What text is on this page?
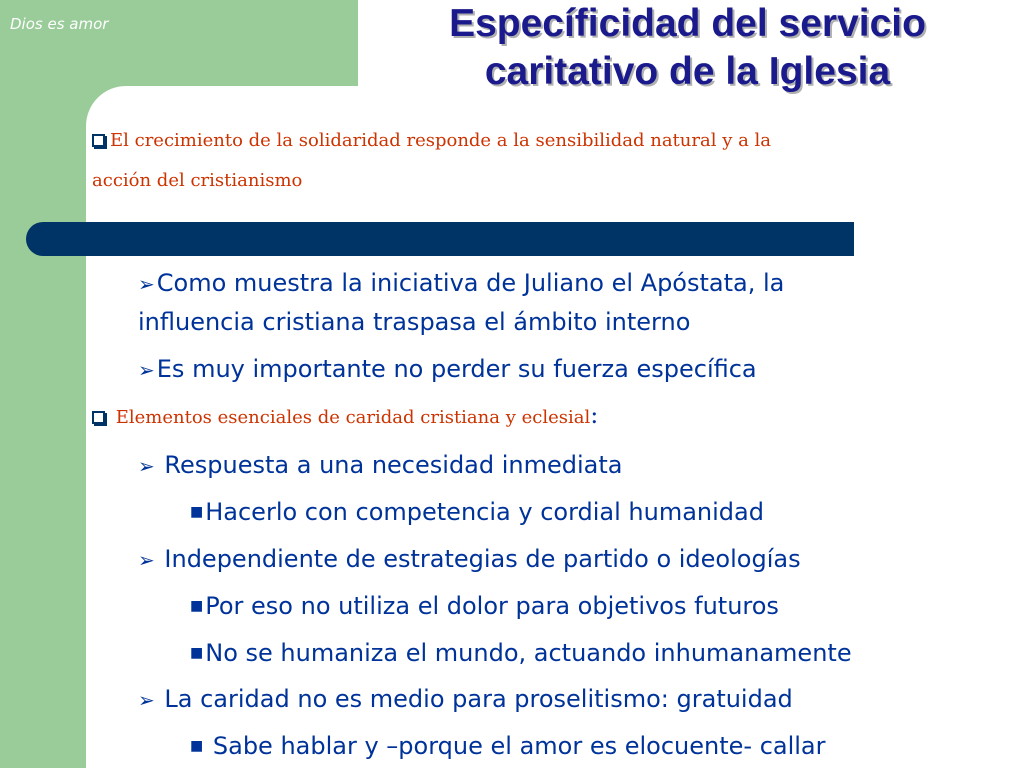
Dios es amor	Especíﬁcidad del servicio
caritativo de la Iglesia
El crecimiento de la solidaridad responde a la sensibilidad natural y a la
acción del cristianismo
➢Como muestra la iniciativa de Juliano el Apóstata, la
influencia cristiana traspasa el ámbito interno
➢Es muy importante no perder su fuerza específica
Elementos esenciales de caridad cristiana y eclesial:
➢ Respuesta a una necesidad inmediata
■Hacerlo con competencia y cordial humanidad
➢ Independiente de estrategias de partido o ideologías
■Por eso no utiliza el dolor para objetivos futuros
■No se humaniza el mundo, actuando inhumanamente
➢ La caridad no es medio para proselitismo: gratuidad
■ Sabe hablar y –porque el amor es elocuente- callar
